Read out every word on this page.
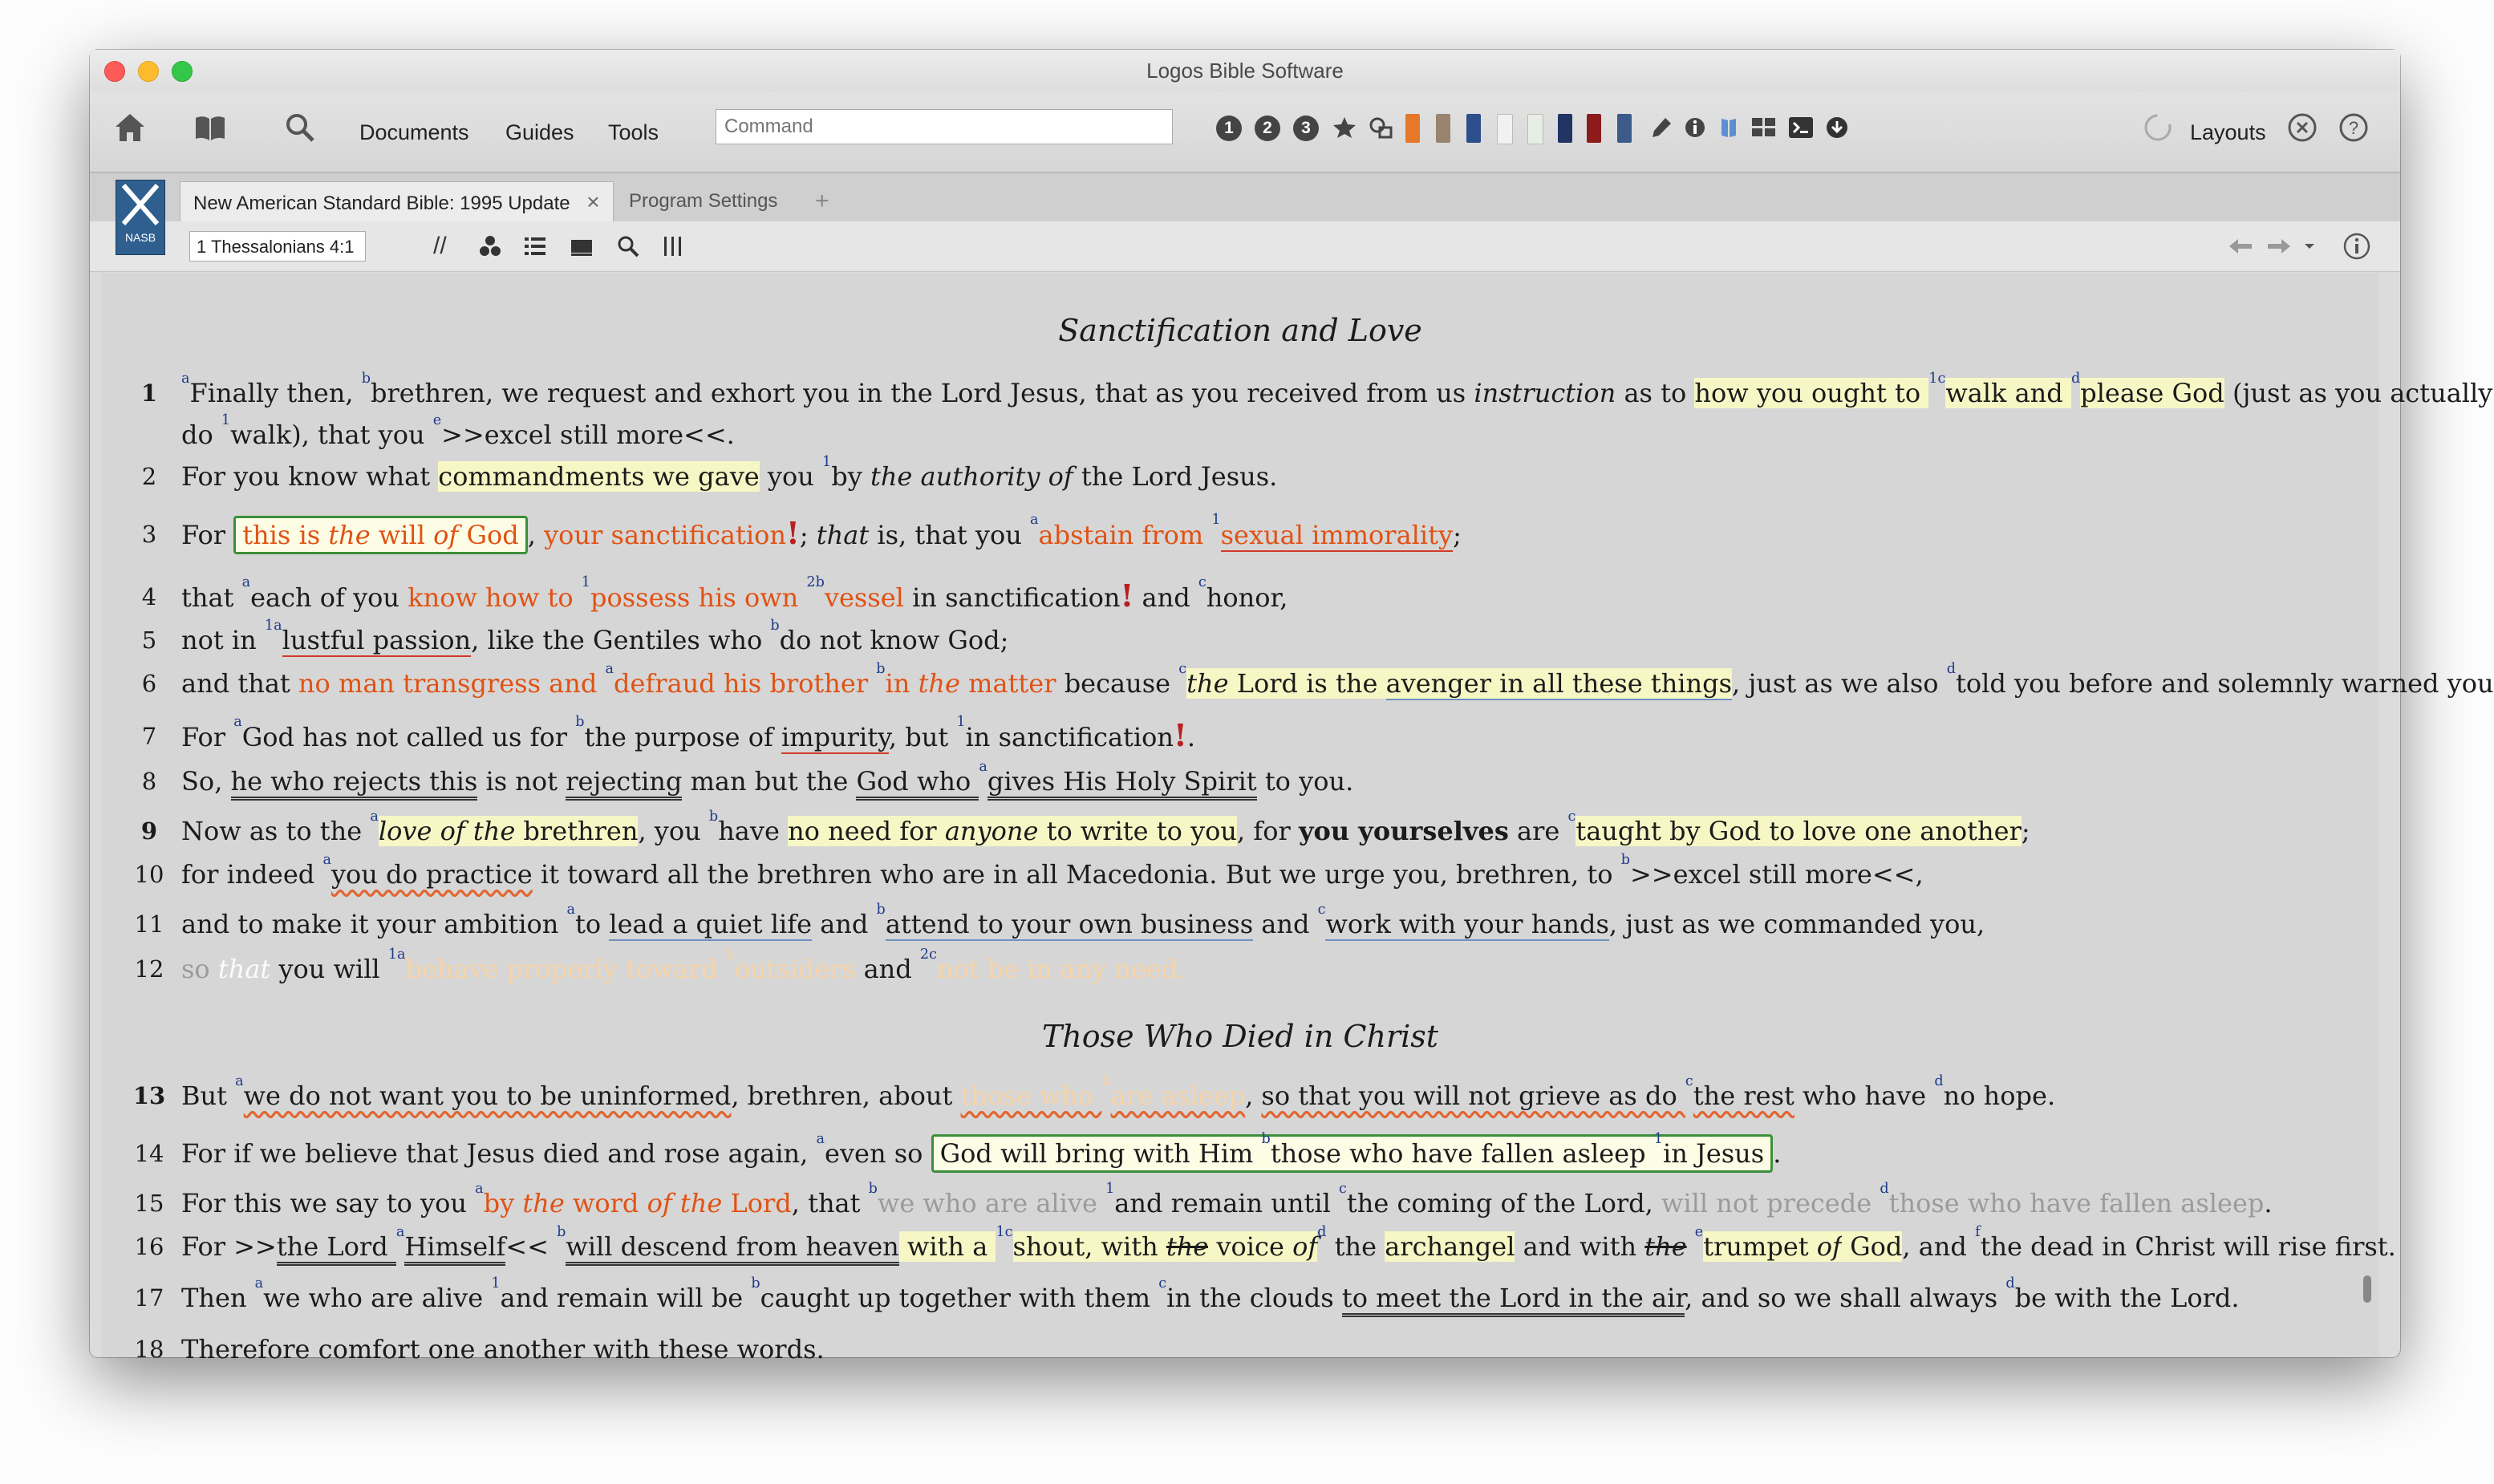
Logos Bible Software
Documents Guides Tools
Command	1	2	3	Layouts	?
New American Standard Bible: 1995 Update ×	Program Settings	+
NASB	1 Thessalonians 4:1	//
Sanctification and Love
1
$^a$Finally then, $^b$brethren, we request and exhort you in the Lord Jesus, that as you received from us instruction as to how you ought to $^{1c}$walk and $^d$please God (just as you actually
do $^1$walk), that you $^e$>>excel still more<<.
2 For you know what commandments we gave you $^1$by the authority of the Lord Jesus.
3 For this is the will of God , your sanctification!; that is, that you $^a$abstain from $^1$sexual immorality;
4 that $^a$each of you know how to $^1$possess his own $^{2b}$vessel in sanctification! and $^c$honor,
5 not in $^{1a}$lustful passion, like the Gentiles who $^b$do not know God;
6 and that no man transgress and $^a$defraud his brother $^b$in the matter because $^c$the Lord is the avenger in all these things, just as we also $^d$told you before and solemnly warned you
7 For $^a$God has not called us for $^b$the purpose of impurity, but $^1$in sanctification!.
8 So, he who rejects this is not rejecting man but the God who $^a$gives His Holy Spirit to you.
9 Now as to the $^a$love of the brethren, you $^b$have no need for anyone to write to you, for you yourselves are $^c$taught by God to love one another;
10 for indeed $^a$you do practice it toward all the brethren who are in all Macedonia. But we urge you, brethren, to $^b$>>excel still more<<,
11 and to make it your ambition $^a$to lead a quiet life and $^b$attend to your own business and $^c$work with your hands, just as we commanded you,
12 so that you will $^{1a}$behave properly toward $^b$outsiders and $^{2c}$not be in any need.
Those Who Died in Christ
13 But $^a$we do not want you to be uninformed, brethren, about those who $^b$are asleep, so that you will not grieve as do $^c$the rest who have $^d$no hope.
14 For if we believe that Jesus died and rose again, $^a$even so God will bring with Him $^b$those who have fallen asleep $^1$in Jesus .
15 For this we say to you $^a$by the word of the Lord, that $^b$we who are alive $^1$and remain until $^c$the coming of the Lord, will not precede $^d$those who have fallen asleep.
16 For >>the Lord $^a$Himself<< $^b$will descend from heaven with a $^{1c}$shout, with the voice $of^d$ the archangel and with the $^e$trumpet of God, and $^f$the dead in Christ will rise first.
17 Then $^a$we who are alive $^1$and remain will be $^b$caught up together with them $^c$in the clouds to meet the Lord in the air, and so we shall always $^d$be with the Lord.
18 Therefore comfort one another with these words.
